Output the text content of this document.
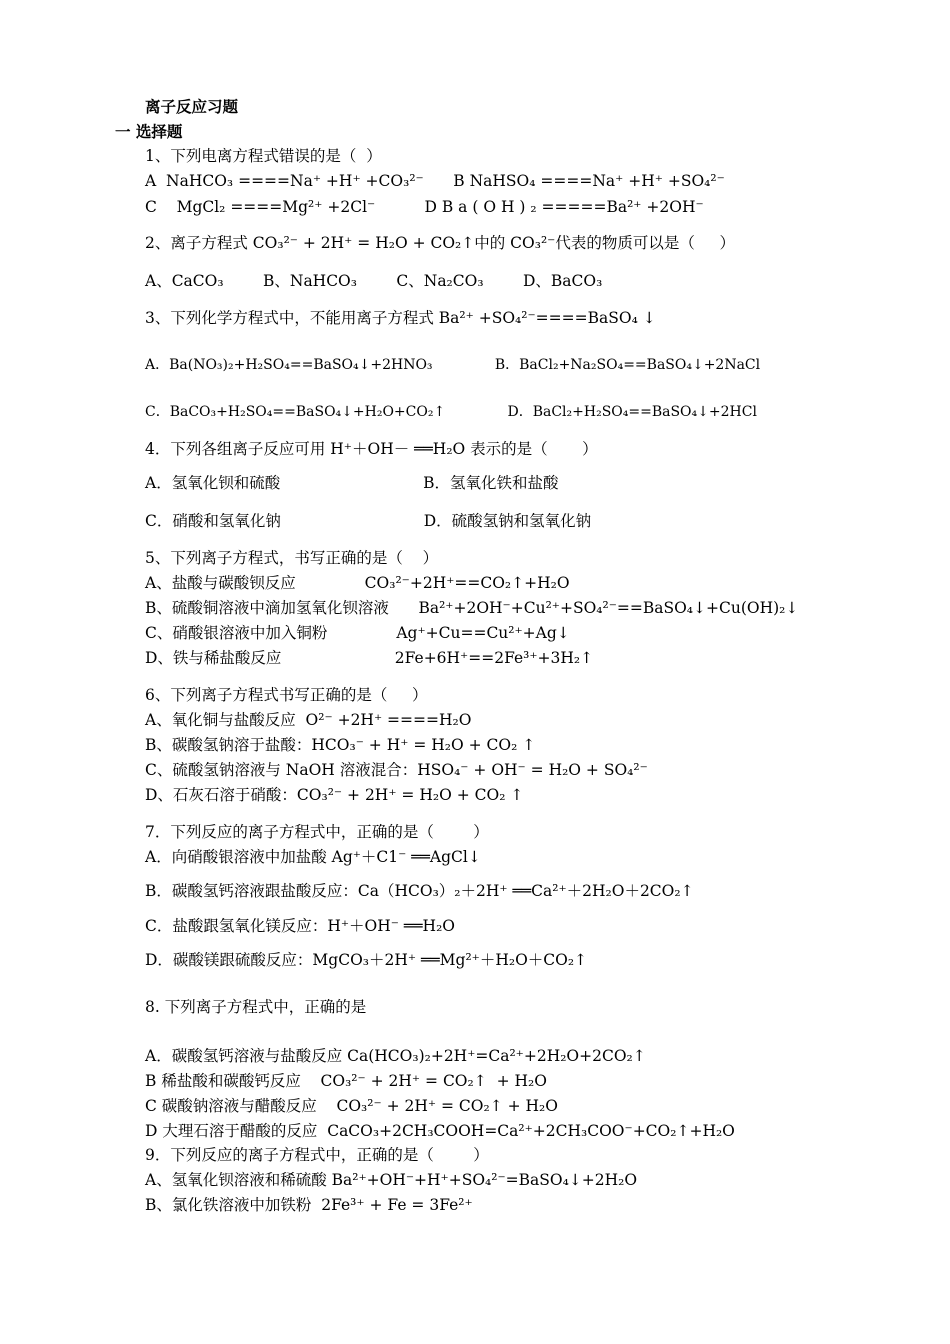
离子反应习题
一 选择题
1、下列电离方程式错误的是（  ）
A  NaHCO₃ ====Na⁺ +H⁺ +CO₃²⁻      B NaHSO₄ ====Na⁺ +H⁺ +SO₄²⁻
C    MgCl₂ ====Mg²⁺ +2Cl⁻          D B a ( O H ) ₂ =====Ba²⁺ +2OH⁻
2、离子方程式 CO₃²⁻ + 2H⁺ = H₂O + CO₂↑中的 CO₃²⁻代表的物质可以是（     ）
A、CaCO₃        B、NaHCO₃        C、Na₂CO₃        D、BaCO₃
3、下列化学方程式中，不能用离子方程式 Ba²⁺ +SO₄²⁻====BaSO₄ ↓
A．Ba(NO₃)₂+H₂SO₄==BaSO₄↓+2HNO₃              B．BaCl₂+Na₂SO₄==BaSO₄↓+2NaCl
C．BaCO₃+H₂SO₄==BaSO₄↓+H₂O+CO₂↑              D．BaCl₂+H₂SO₄==BaSO₄↓+2HCl
4．下列各组离子反应可用 H⁺＋OH－ ══H₂O 表示的是（       ）
A．氢氧化钡和硫酸                             B．氢氧化铁和盐酸
C．硝酸和氢氧化钠                             D．硫酸氢钠和氢氧化钠
5、下列离子方程式，书写正确的是（    ）
A、盐酸与碳酸钡反应              CO₃²⁻+2H⁺==CO₂↑+H₂O
B、硫酸铜溶液中滴加氢氧化钡溶液      Ba²⁺+2OH⁻+Cu²⁺+SO₄²⁻==BaSO₄↓+Cu(OH)₂↓
C、硝酸银溶液中加入铜粉              Ag⁺+Cu==Cu²⁺+Ag↓
D、铁与稀盐酸反应                       2Fe+6H⁺==2Fe³⁺+3H₂↑
6、下列离子方程式书写正确的是（     ）
A、氧化铜与盐酸反应  O²⁻ +2H⁺ ====H₂O
B、碳酸氢钠溶于盐酸：HCO₃⁻ + H⁺ = H₂O + CO₂ ↑
C、硫酸氢钠溶液与 NaOH 溶液混合：HSO₄⁻ + OH⁻ = H₂O + SO₄²⁻
D、石灰石溶于硝酸：CO₃²⁻ + 2H⁺ = H₂O + CO₂ ↑
7．下列反应的离子方程式中，正确的是（        ）
A．向硝酸银溶液中加盐酸 Ag⁺＋C1⁻ ══AgCl↓
B．碳酸氢钙溶液跟盐酸反应：Ca（HCO₃）₂＋2H⁺ ══Ca²⁺＋2H₂O＋2CO₂↑
C．盐酸跟氢氧化镁反应：H⁺＋OH⁻ ══H₂O
D．碳酸镁跟硫酸反应：MgCO₃＋2H⁺ ══Mg²⁺＋H₂O＋CO₂↑
8. 下列离子方程式中，正确的是
A．碳酸氢钙溶液与盐酸反应 Ca(HCO₃)₂+2H⁺=Ca²⁺+2H₂O+2CO₂↑
B 稀盐酸和碳酸钙反应    CO₃²⁻ + 2H⁺ = CO₂↑  + H₂O
C 碳酸钠溶液与醋酸反应    CO₃²⁻ + 2H⁺ = CO₂↑ + H₂O
D 大理石溶于醋酸的反应  CaCO₃+2CH₃COOH=Ca²⁺+2CH₃COO⁻+CO₂↑+H₂O
9．下列反应的离子方程式中，正确的是（        ）
A、氢氧化钡溶液和稀硫酸 Ba²⁺+OH⁻+H⁺+SO₄²⁻=BaSO₄↓+2H₂O
B、氯化铁溶液中加铁粉  2Fe³⁺ + Fe = 3Fe²⁺
